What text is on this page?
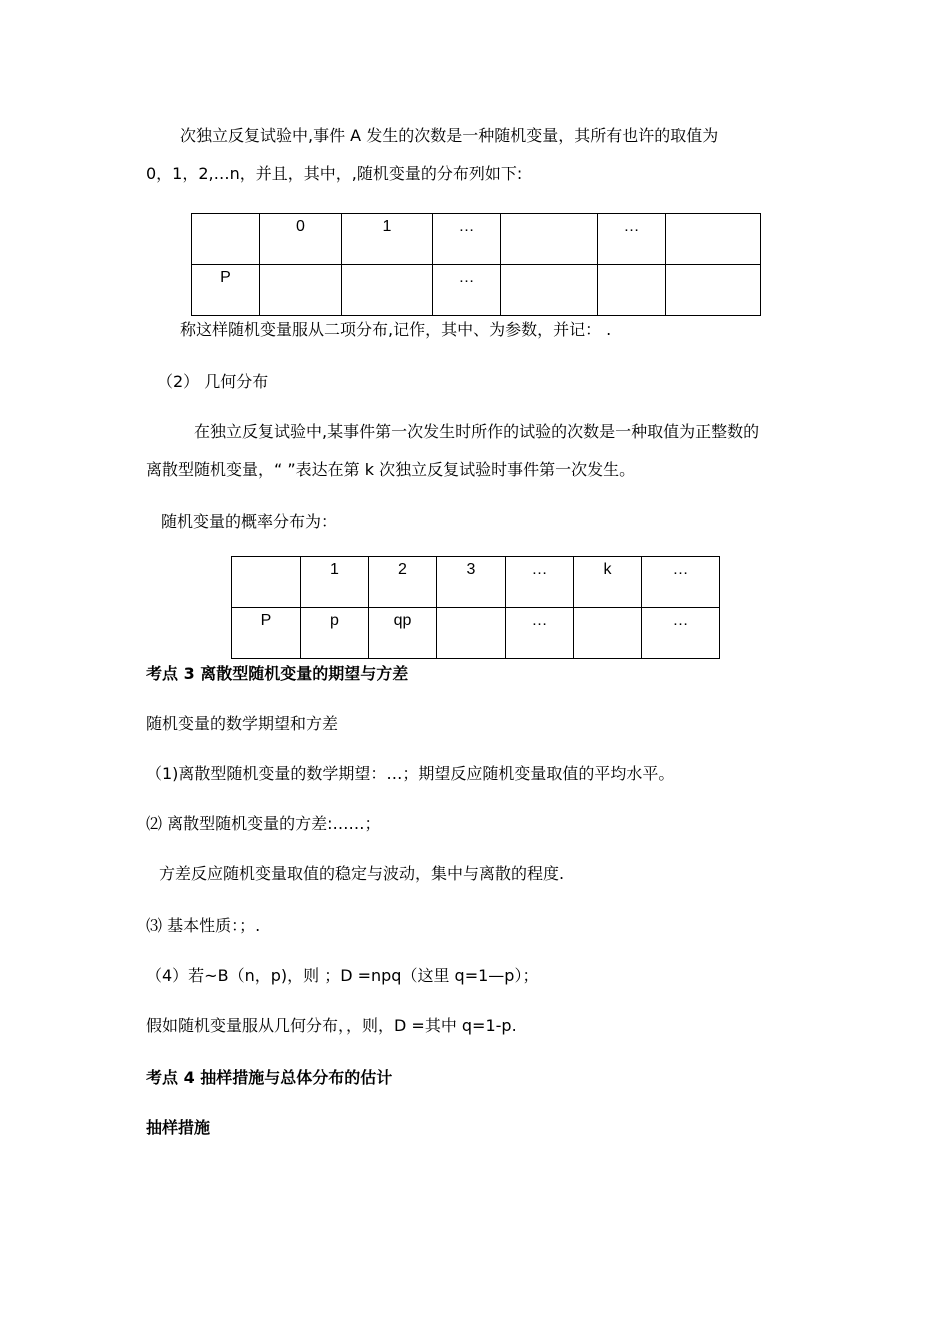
次独立反复试验中,事件 A 发生的次数是一种随机变量，其所有也许的取值为
0，1，2,…n，并且，其中，,随机变量的分布列如下:

	0	1	…		…	

P			…			

称这样随机变量服从二项分布,记作，其中、为参数，并记： .
（2） 几何分布
在独立反复试验中,某事件第一次发生时所作的试验的次数是一种取值为正整数的
离散型随机变量，“ ”表达在第 k 次独立反复试验时事件第一次发生。
随机变量的概率分布为：

	1	2	3	…	k	…

P	p	qp		…		…
考点 3 离散型随机变量的期望与方差
随机变量的数学期望和方差
（1)离散型随机变量的数学期望：…；期望反应随机变量取值的平均水平。
⑵ 离散型随机变量的方差:……；
方差反应随机变量取值的稳定与波动，集中与离散的程度.
⑶ 基本性质：；.
（4）若~B（n，p)，则 ；D =npq（这里 q=1—p）；
假如随机变量服从几何分布，，则，D =其中 q=1-p.
考点 4 抽样措施与总体分布的估计
抽样措施
